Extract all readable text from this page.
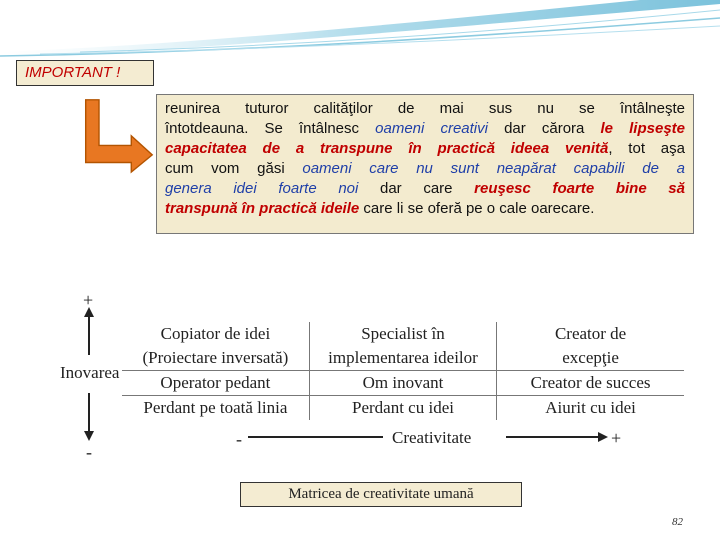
IMPORTANT !
reunirea tuturor calităţilor de mai sus nu se întâlneşte
întotdeauna. Se întâlnesc oameni creativi dar cărora le lipseşte
capacitatea de a transpune în practică ideea venită, tot aşa
cum vom găsi oameni care nu sunt neapărat capabili de a
genera idei foarte noi dar care reuşesc foarte bine să
transpună în practică ideile care li se oferă pe o cale oarecare.
+
Inovarea
-
Copiator de idei	Specialist în	Creator de
(Proiectare inversată)	implementarea ideilor	excepţie
Operator pedant	Om inovant	Creator de succes
Perdant pe toată linia	Perdant cu idei	Aiurit cu idei
-	Creativitate	+
Matricea de creativitate umană
82
